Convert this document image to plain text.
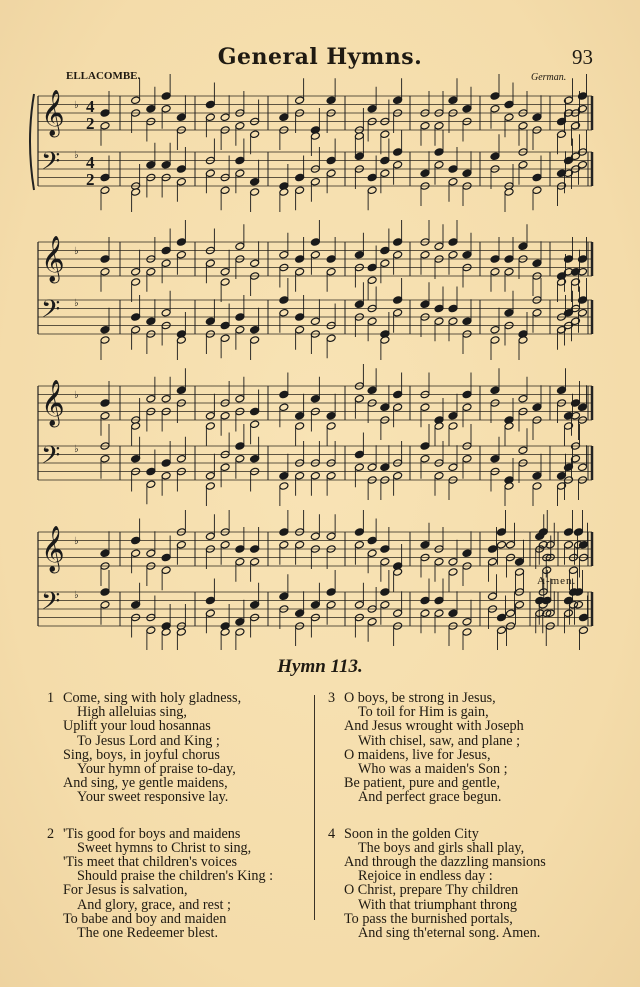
General Hymns.	93
ELLACOMBE.	German.
𝄞 ♭ 4
2
𝄢 ♭ 4
2
𝄞 ♭
𝄢 ♭
𝄞 ♭
𝄢 ♭
𝄞 ♭
𝄢 ♭
A-men.
Hymn 113.
1 Come, sing with holy gladness,
High alleluias sing,
Uplift your loud hosannas
To Jesus Lord and King ;
Sing, boys, in joyful chorus
Your hymn of praise to-day,
And sing, ye gentle maidens,
Your sweet responsive lay.
2 'Tis good for boys and maidens
Sweet hymns to Christ to sing,
'Tis meet that children's voices
Should praise the children's King :
For Jesus is salvation,
And glory, grace, and rest ;
To babe and boy and maiden
The one Redeemer blest.
3 O boys, be strong in Jesus,
To toil for Him is gain,
And Jesus wrought with Joseph
With chisel, saw, and plane ;
O maidens, live for Jesus,
Who was a maiden's Son ;
Be patient, pure and gentle,
And perfect grace begun.
4 Soon in the golden City
The boys and girls shall play,
And through the dazzling mansions
Rejoice in endless day :
O Christ, prepare Thy children
With that triumphant throng
To pass the burnished portals,
And sing th'eternal song. Amen.
